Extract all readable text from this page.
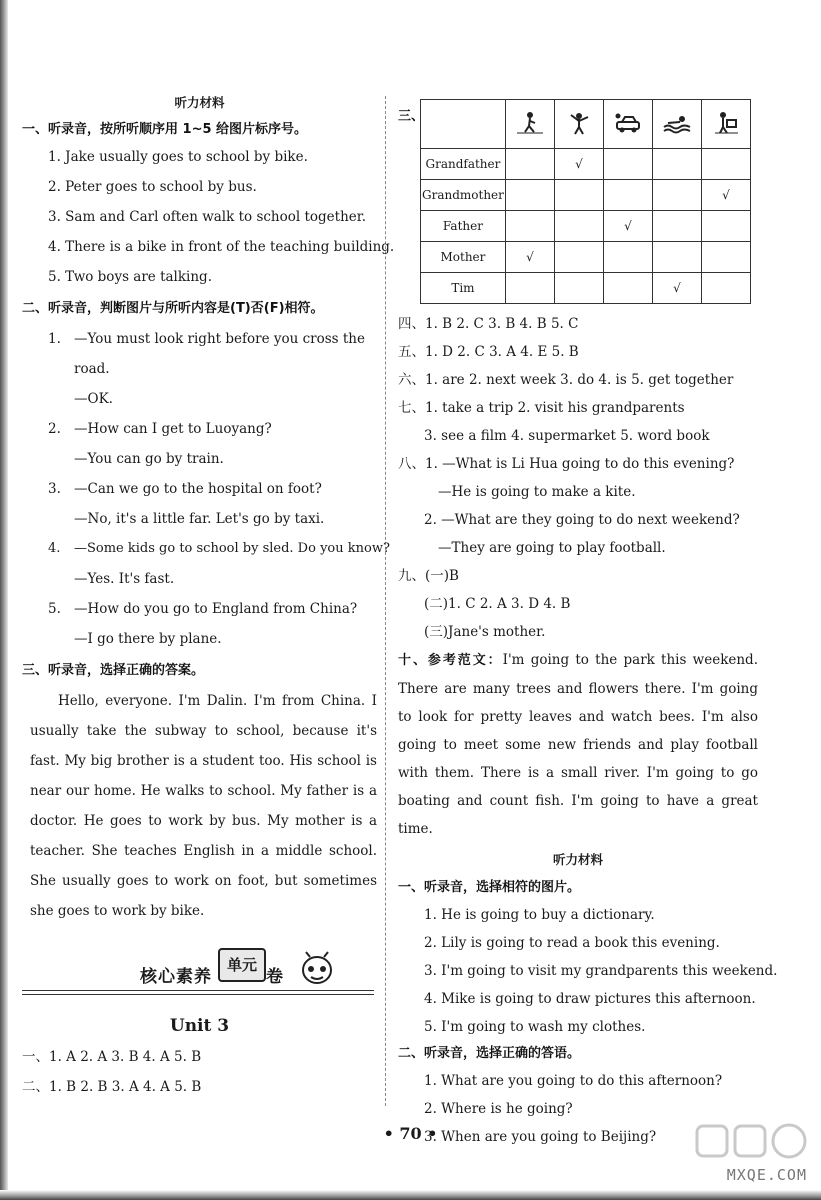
听力材料
一、听录音，按所听顺序用 1~5 给图片标序号。
1. Jake usually goes to school by bike.
2. Peter goes to school by bus.
3. Sam and Carl often walk to school together.
4. There is a bike in front of the teaching building.
5. Two boys are talking.
二、听录音，判断图片与所听内容是(T)否(F)相符。
1. —You must look right before you cross the
road.
—OK.
2. —How can I get to Luoyang?
—You can go by train.
3. —Can we go to the hospital on foot?
—No, it's a little far. Let's go by taxi.
4. —Some kids go to school by sled. Do you know?
—Yes. It's fast.
5. —How do you go to England from China?
—I go there by plane.
三、听录音，选择正确的答案。

Hello, everyone. I'm Dalin. I'm from China. I usually take the subway to school, because it's fast. My big brother is a student too. His school is near our home. He walks to school. My father is a doctor. He goes to work by bus. My mother is a teacher. She teaches English in a middle school. She usually goes to work on foot, but sometimes she goes to work by bike.

核心素养
单元
卷
Unit 3
一、1. A 2. A 3. B 4. A 5. B
二、1. B 2. B 3. A 4. A 5. B
三、

Grandfather		√			
Grandmother					√
Father			√		
Mother	√				
Tim				√	
四、1. B 2. C 3. B 4. B 5. C
五、1. D 2. C 3. A 4. E 5. B
六、1. are 2. next week 3. do 4. is 5. get together
七、1. take a trip 2. visit his grandparents
3. see a film 4. supermarket 5. word book
八、1. —What is Li Hua going to do this evening?
—He is going to make a kite.
2. —What are they going to do next weekend?
—They are going to play football.
九、(一)B
(二)1. C 2. A 3. D 4. B
(三)Jane's mother.

十、参考范文：I'm going to the park this weekend. There are many trees and flowers there. I'm going to look for pretty leaves and watch bees. I'm also going to meet some new friends and play football with them. There is a small river. I'm going to go boating and count fish. I'm going to have a great time.

听力材料
一、听录音，选择相符的图片。
1. He is going to buy a dictionary.
2. Lily is going to read a book this evening.
3. I'm going to visit my grandparents this weekend.
4. Mike is going to draw pictures this afternoon.
5. I'm going to wash my clothes.
二、听录音，选择正确的答语。
1. What are you going to do this afternoon?
2. Where is he going?
3. When are you going to Beijing?
• 70 •
MXQE.COM
